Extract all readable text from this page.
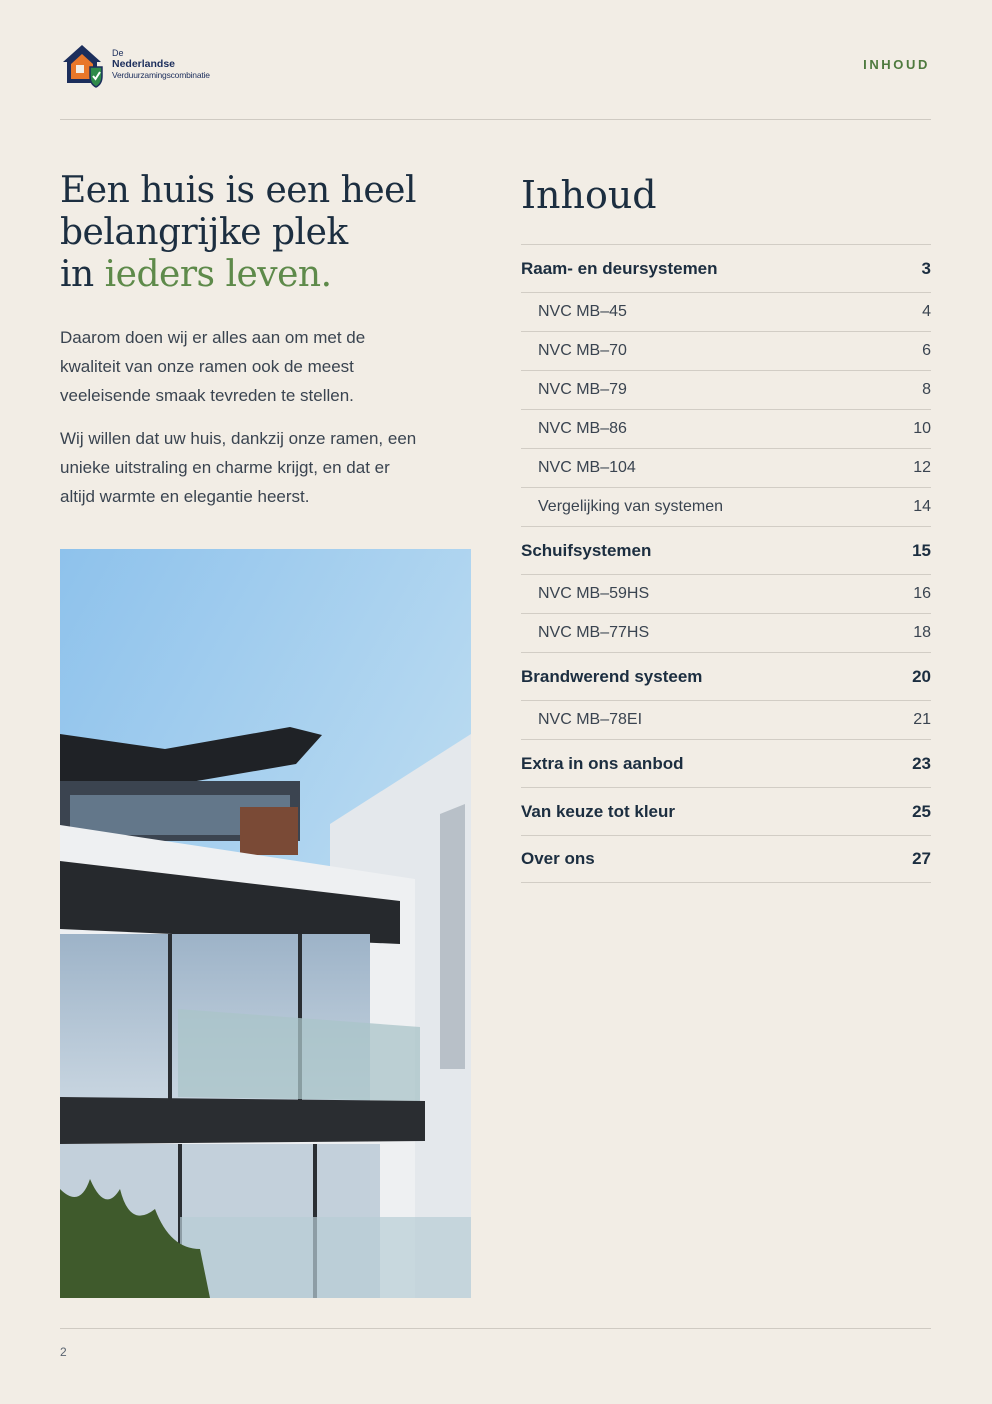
De
Nederlandse
Verduurzamingscombinatie
INHOUD
Een huis is een heel belangrijke plek
in ieders leven.

Daarom doen wij er alles aan om met de kwaliteit van onze ramen ook de meest veeleisende smaak tevreden te stellen.

Wij willen dat uw huis, dankzij onze ramen, een unieke uitstraling en charme krijgt, en dat er altijd warmte en elegantie heerst.

Inhoud
Raam- en deursystemen	3
NVC MB–45	4
NVC MB–70	6
NVC MB–79	8
NVC MB–86	10
NVC MB–104	12
Vergelijking van systemen	14
Schuifsystemen	15
NVC MB–59HS	16
NVC MB–77HS	18
Brandwerend systeem	20
NVC MB–78EI	21
Extra in ons aanbod	23
Van keuze tot kleur	25
Over ons	27
2
